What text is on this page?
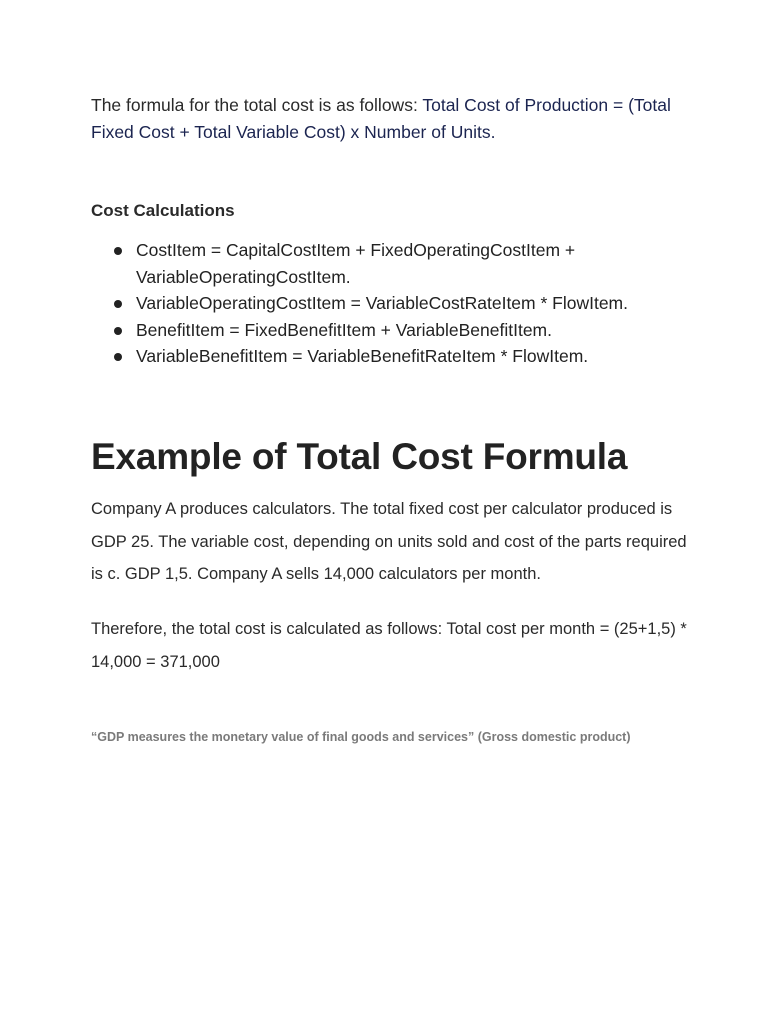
The formula for the total cost is as follows: Total Cost of Production = (Total Fixed Cost + Total Variable Cost) x Number of Units.

Cost Calculations
CostItem = CapitalCostItem + FixedOperatingCostItem + VariableOperatingCostItem.
VariableOperatingCostItem = VariableCostRateItem * FlowItem.
BenefitItem = FixedBenefitItem + VariableBenefitItem.
VariableBenefitItem = VariableBenefitRateItem * FlowItem.
Example of Total Cost Formula

Company A produces calculators. The total fixed cost per calculator produced is GDP 25. The variable cost, depending on units sold and cost of the parts required is c. GDP 1,5. Company A sells 14,000 calculators per month.

Therefore, the total cost is calculated as follows: Total cost per month = (25+1,5) * 14,000 = 371,000

“GDP measures the monetary value of final goods and services” (Gross domestic product)
